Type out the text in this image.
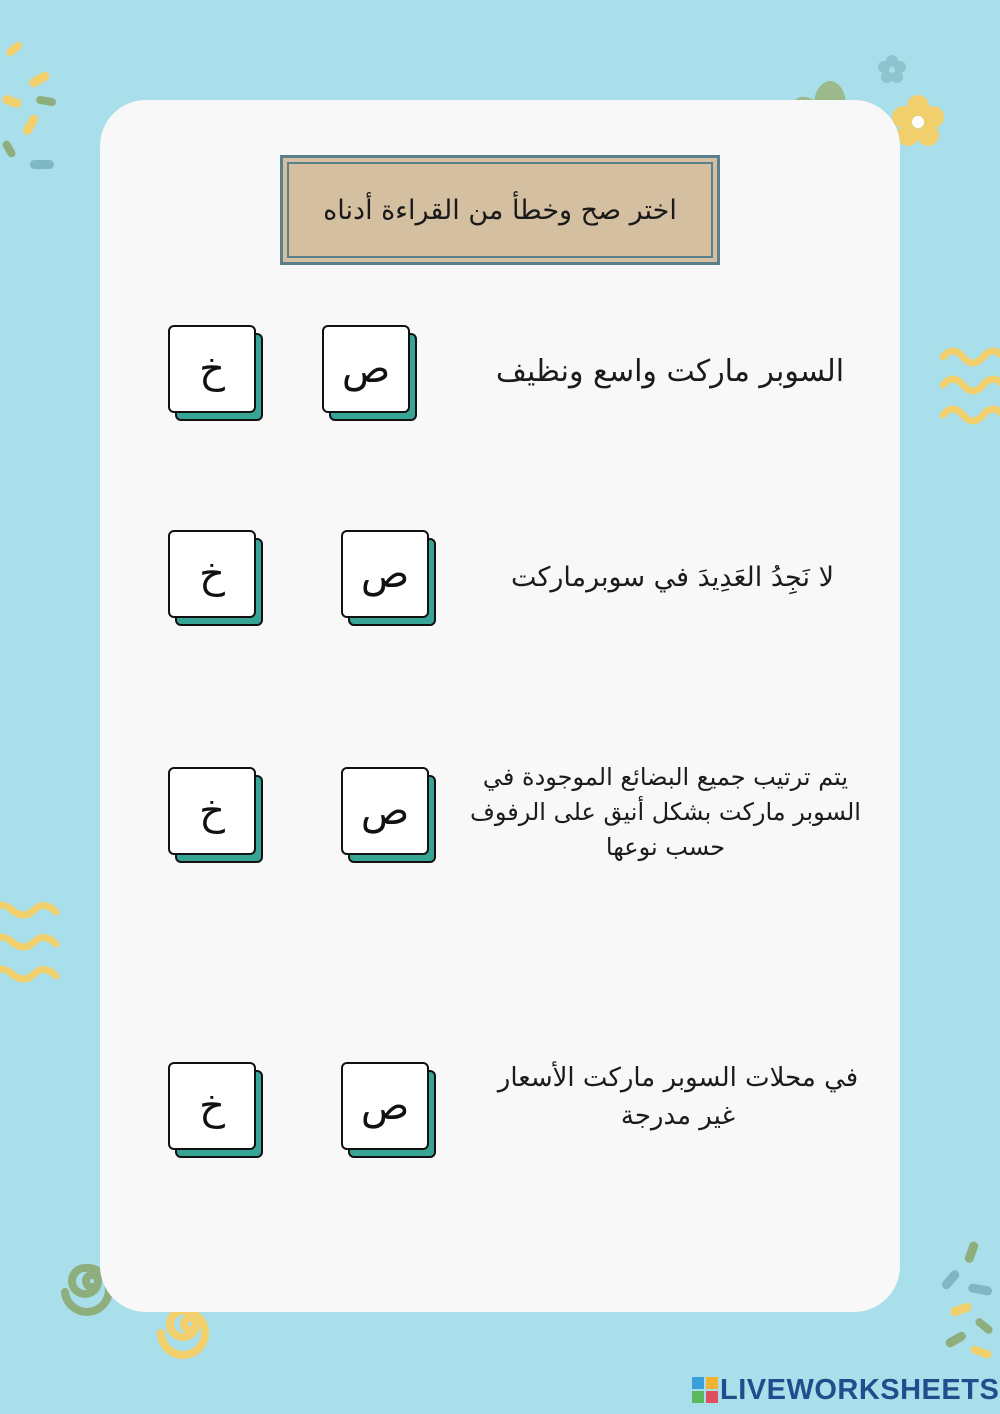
اختر صح وخطأ من القراءة أدناه
السوبر ماركت واسع ونظيف
ص
خ
لا نَجِدُ العَدِيدَ في سوبرماركت
ص
خ
يتم ترتيب جميع البضائع الموجودة في السوبر ماركت بشكل أنيق على الرفوف حسب نوعها
ص
خ
في محلات السوبر ماركت الأسعار غير مدرجة
ص
خ
LIVEWORKSHEETS
